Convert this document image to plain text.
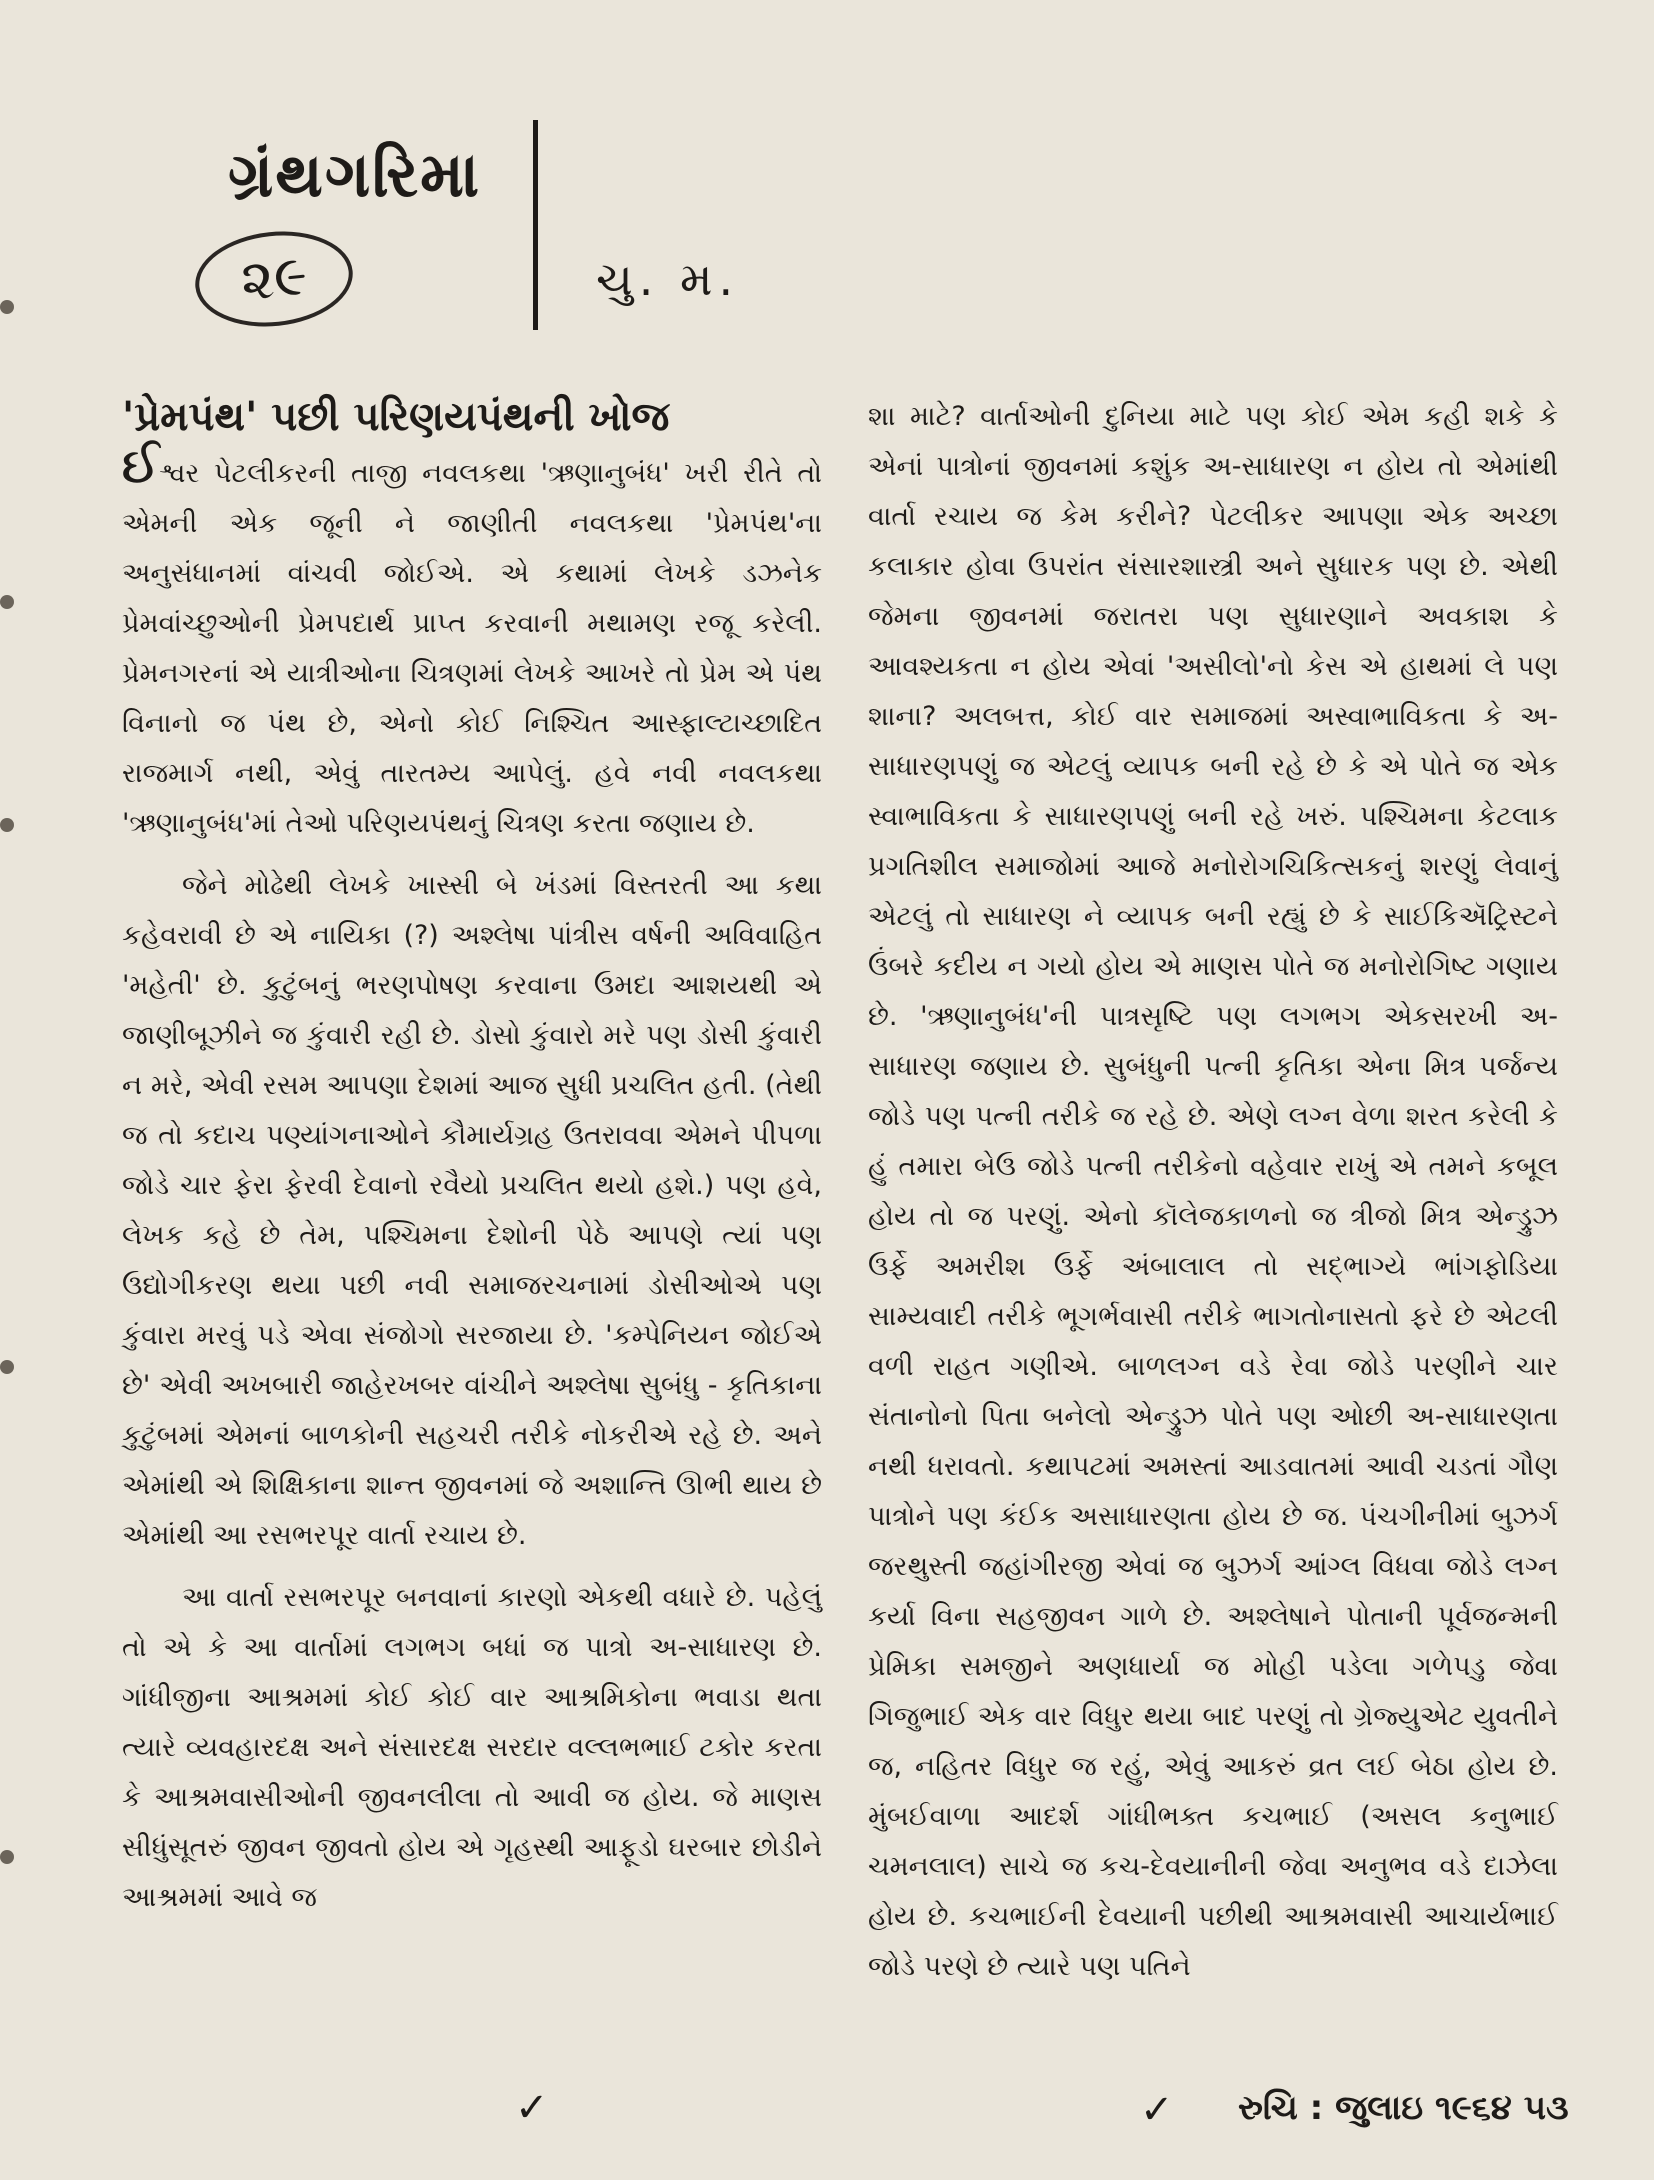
ગ્રંથગરિમા
૨૯	ચુ. મ.
'પ્રેમપંથ' પછી પરિણયપંથની ખોજ

ઈશ્વર પેટલીકરની તાજી નવલકથા 'ઋણાનુબંધ' ખરી રીતે તો એમની એક જૂની ને જાણીતી નવલકથા 'પ્રેમપંથ'ના અનુસંધાનમાં વાંચવી જોઈએ. એ કથામાં લેખકે ડઝનેક પ્રેમવાંચ્છુઓની પ્રેમપદાર્થ પ્રાપ્ત કરવાની મથામણ રજૂ કરેલી. પ્રેમનગરનાં એ યાત્રીઓના ચિત્રણમાં લેખકે આખરે તો પ્રેમ એ પંથ વિનાનો જ પંથ છે, એનો કોઈ નિશ્ચિત આસ્ફાલ્ટાચ્છાદિત રાજમાર્ગ નથી, એવું તારતમ્ય આપેલું. હવે નવી નવલકથા 'ઋણાનુબંધ'માં તેઓ પરિણયપંથનું ચિત્રણ કરતા જણાય છે.

જેને મોઢેથી લેખકે ખાસ્સી બે ખંડમાં વિસ્તરતી આ કથા કહેવરાવી છે એ નાયિકા (?) અશ્લેષા પાંત્રીસ વર્ષની અવિવાહિત 'મહેતી' છે. કુટુંબનું ભરણપોષણ કરવાના ઉમદા આશયથી એ જાણીબૂઝીને જ કુંવારી રહી છે. ડોસો કુંવારો મરે પણ ડોસી કુંવારી ન મરે, એવી રસમ આપણા દેશમાં આજ સુધી પ્રચલિત હતી. (તેથી જ તો કદાચ પણ્યાંગનાઓને કૌમાર્યગ્રહ ઉતરાવવા એમને પીપળા જોડે ચાર ફેરા ફેરવી દેવાનો રવૈયો પ્રચલિત થયો હશે.) પણ હવે, લેખક કહે છે તેમ, પશ્ચિમના દેશોની પેઠે આપણે ત્યાં પણ ઉદ્યોગીકરણ થયા પછી નવી સમાજરચનામાં ડોસીઓએ પણ કુંવારા મરવું પડે એવા સંજોગો સરજાયા છે. 'કમ્પેનિયન જોઈએ છે' એવી અખબારી જાહેરખબર વાંચીને અશ્લેષા સુબંધુ - કૃતિકાના કુટુંબમાં એમનાં બાળકોની સહચરી તરીકે નોકરીએ રહે છે. અને એમાંથી એ શિક્ષિકાના શાન્ત જીવનમાં જે અશાન્તિ ઊભી થાય છે એમાંથી આ રસભરપૂર વાર્તા રચાય છે.

આ વાર્તા રસભરપૂર બનવાનાં કારણો એકથી વધારે છે. પહેલું તો એ કે આ વાર્તામાં લગભગ બધાં જ પાત્રો અ-સાધારણ છે. ગાંધીજીના આશ્રમમાં કોઈ કોઈ વાર આશ્રમિકોના ભવાડા થતા ત્યારે વ્યવહારદક્ષ અને સંસારદક્ષ સરદાર વલ્લભભાઈ ટકોર કરતા કે આશ્રમવાસીઓની જીવનલીલા તો આવી જ હોય. જે માણસ સીધુંસૂતરું જીવન જીવતો હોય એ ગૃહસ્થી આફૂડો ઘરબાર છોડીને આશ્રમમાં આવે જ

શા માટે? વાર્તાઓની દુનિયા માટે પણ કોઈ એમ કહી શકે કે એનાં પાત્રોનાં જીવનમાં કશુંક અ-સાધારણ ન હોય તો એમાંથી વાર્તા રચાય જ કેમ કરીને? પેટલીકર આપણા એક અચ્છા કલાકાર હોવા ઉપરાંત સંસારશાસ્ત્રી અને સુધારક પણ છે. એથી જેમના જીવનમાં જરાતરા પણ સુધારણાને અવકાશ કે આવશ્યકતા ન હોય એવાં 'અસીલો'નો કેસ એ હાથમાં લે પણ શાના? અલબત્ત, કોઈ વાર સમાજમાં અસ્વાભાવિકતા કે અ-સાધારણપણું જ એટલું વ્યાપક બની રહે છે કે એ પોતે જ એક સ્વાભાવિકતા કે સાધારણપણું બની રહે ખરું. પશ્ચિમના કેટલાક પ્રગતિશીલ સમાજોમાં આજે મનોરોગચિકિત્સકનું શરણું લેવાનું એટલું તો સાધારણ ને વ્યાપક બની રહ્યું છે કે સાઈકિઍટ્રિસ્ટને ઉંબરે કદીય ન ગયો હોય એ માણસ પોતે જ મનોરોગિષ્ટ ગણાય છે. 'ઋણાનુબંધ'ની પાત્રસૃષ્ટિ પણ લગભગ એકસરખી અ-સાધારણ જણાય છે. સુબંધુની પત્ની કૃતિકા એના મિત્ર પર્જન્ય જોડે પણ પત્ની તરીકે જ રહે છે. એણે લગ્ન વેળા શરત કરેલી કે હું તમારા બેઉ જોડે પત્ની તરીકેનો વહેવાર રાખું એ તમને કબૂલ હોય તો જ પરણું. એનો કૉલેજકાળનો જ ત્રીજો મિત્ર એન્ડ્રુઝ ઉર્ફે અમરીશ ઉર્ફે અંબાલાલ તો સદ્ભાગ્યે ભાંગફોડિયા સામ્યવાદી તરીકે ભૂગર્ભવાસી તરીકે ભાગતોનાસતો ફરે છે એટલી વળી રાહત ગણીએ. બાળલગ્ન વડે રેવા જોડે પરણીને ચાર સંતાનોનો પિતા બનેલો એન્ડ્રુઝ પોતે પણ ઓછી અ-સાધારણતા નથી ધરાવતો. કથાપટમાં અમસ્તાં આડવાતમાં આવી ચડતાં ગૌણ પાત્રોને પણ કંઈક અસાધારણતા હોય છે જ. પંચગીનીમાં બુઝર્ગ જરથુસ્તી જહાંગીરજી એવાં જ બુઝર્ગ આંગ્લ વિધવા જોડે લગ્ન કર્યા વિના સહજીવન ગાળે છે. અશ્લેષાને પોતાની પૂર્વજન્મની પ્રેમિકા સમજીને અણધાર્યા જ મોહી પડેલા ગળેપડુ જેવા ગિજુભાઈ એક વાર વિધુર થયા બાદ પરણું તો ગ્રેજ્યુએટ યુવતીને જ, નહિતર વિધુર જ રહું, એવું આકરું વ્રત લઈ બેઠા હોય છે. મુંબઈવાળા આદર્શ ગાંધીભક્ત કચભાઈ (અસલ કનુભાઈ ચમનલાલ) સાચે જ કચ-દેવયાનીની જેવા અનુભવ વડે દાઝેલા હોય છે. કચભાઈની દેવયાની પછીથી આશ્રમવાસી આચાર્યભાઈ જોડે પરણે છે ત્યારે પણ પતિને

✓	✓ રુચિ : જુલાઇ ૧૯૬૪ ૫૩
